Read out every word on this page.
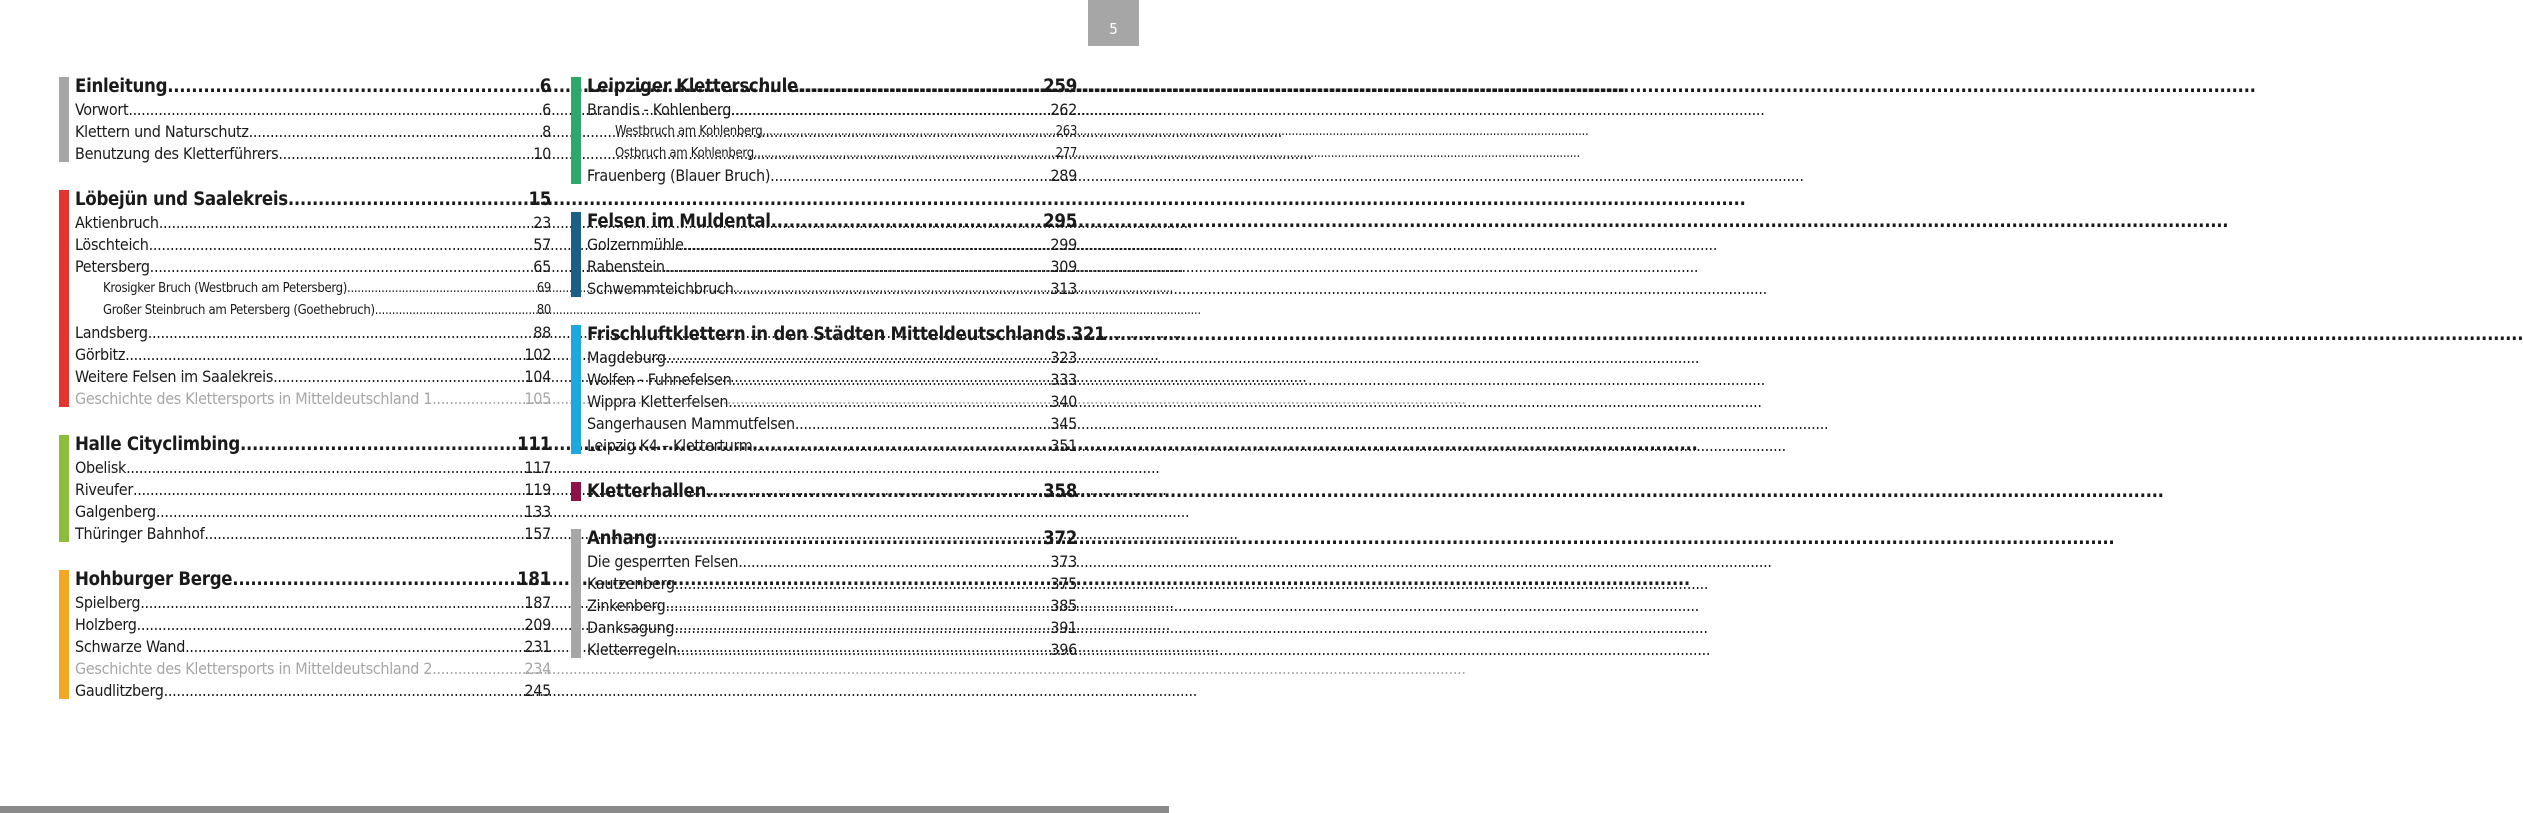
5
Einleitung .....	6
Vorwort .....	6
Klettern und Naturschutz .....	8
Benutzung des Kletterführers .....	10
Löbejün und Saalekreis .....	15
Aktienbruch .....	23
Löschteich .....	57
Petersberg .....	65
Krosigker Bruch (Westbruch am Petersberg) .....	69
Großer Steinbruch am Petersberg (Goethebruch) .....	80
Landsberg .....	88
Görbitz .....	102
Weitere Felsen im Saalekreis .....	104
Geschichte des Klettersports in Mitteldeutschland 1 .....	105
Halle Cityclimbing .....	111
Obelisk .....	117
Riveufer .....	119
Galgenberg .....	133
Thüringer Bahnhof .....	157
Hohburger Berge .....	181
Spielberg .....	187
Holzberg .....	209
Schwarze Wand .....	231
Geschichte des Klettersports in Mitteldeutschland 2 .....	234
Gaudlitzberg .....	245
Leipziger Kletterschule .....	259
Brandis - Kohlenberg .....	262
Westbruch am Kohlenberg .....	263
Ostbruch am Kohlenberg .....	277
Frauenberg (Blauer Bruch) .....	289
Felsen im Muldental .....	295
Golzernmühle .....	299
Rabenstein .....	309
Schwemmteichbruch .....	313
Frischluftklettern in den Städten Mitteldeutschlands ..... 321
Magdeburg .....	323
Wolfen - Fuhnefelsen .....	333
Wippra Kletterfelsen .....	340
Sangerhausen Mammutfelsen .....	345
Leipzig K4 – Kletterturm .....	351
Kletterhallen .....	358
Anhang .....	372
Die gesperrten Felsen .....	373
Kautzenberg .....	375
Zinkenberg .....	385
Danksagung .....	391
Kletterregeln .....	396
